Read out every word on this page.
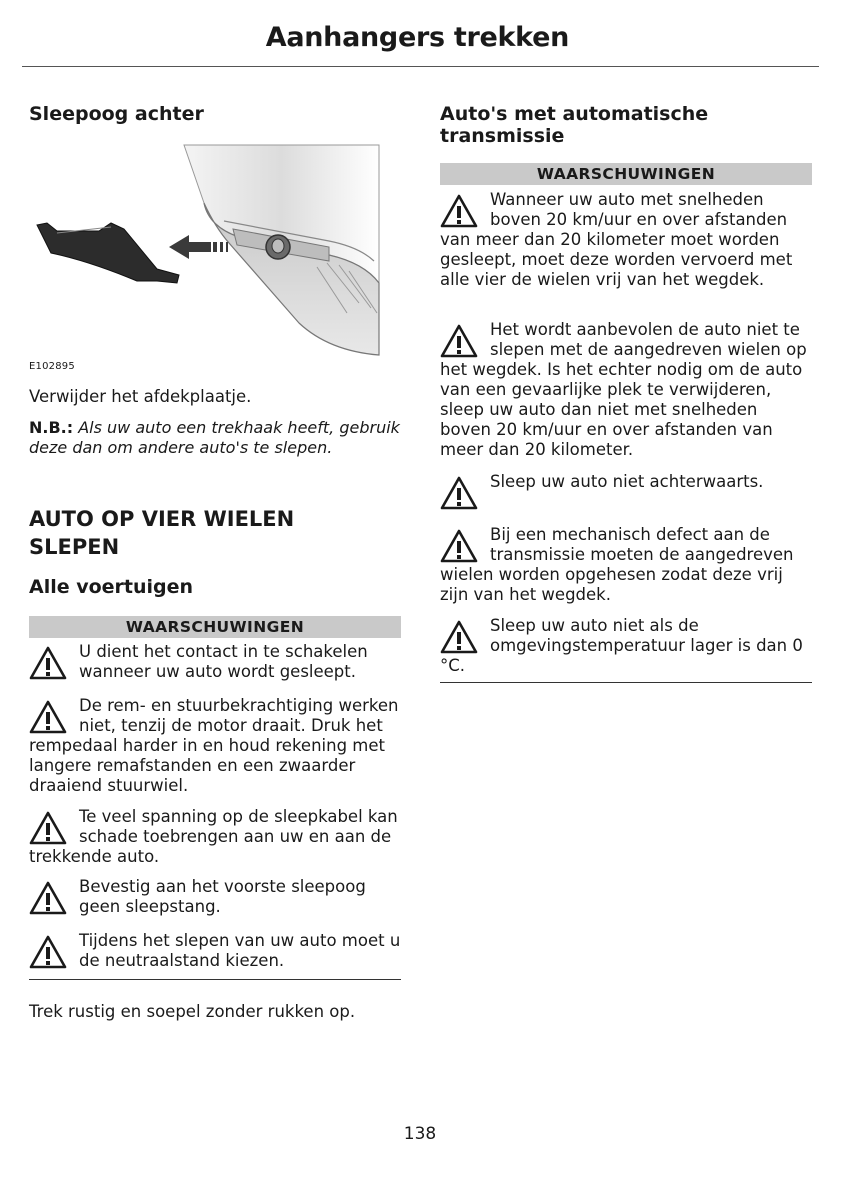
Aanhangers trekken
Sleepoog achter
E102895

Verwijder het afdekplaatje.

N.B.: Als uw auto een trekhaak heeft, gebruik deze dan om andere auto's te slepen.

AUTO OP VIER WIELEN
SLEPEN
Alle voertuigen
WAARSCHUWINGEN
U dient het contact in te schakelen wanneer uw auto wordt gesleept.
De rem- en stuurbekrachtiging werken niet, tenzij de motor draait. Druk het rempedaal harder in en houd rekening met langere remafstanden en een zwaarder draaiend stuurwiel.
Te veel spanning op de sleepkabel kan schade toebrengen aan uw en aan de trekkende auto.
Bevestig aan het voorste sleepoog geen sleepstang.
Tijdens het slepen van uw auto moet u de neutraalstand kiezen.

Trek rustig en soepel zonder rukken op.

Auto's met automatische
transmissie
WAARSCHUWINGEN
Wanneer uw auto met snelheden boven 20 km/uur en over afstanden van meer dan 20 kilometer moet worden gesleept, moet deze worden vervoerd met alle vier de wielen vrij van het wegdek.
Het wordt aanbevolen de auto niet te slepen met de aangedreven wielen op het wegdek. Is het echter nodig om de auto van een gevaarlijke plek te verwijderen, sleep uw auto dan niet met snelheden boven 20 km/uur en over afstanden van meer dan 20 kilometer.
Sleep uw auto niet achterwaarts.
Bij een mechanisch defect aan de transmissie moeten de aangedreven wielen worden opgehesen zodat deze vrij zijn van het wegdek.
Sleep uw auto niet als de omgevingstemperatuur lager is dan 0 °C.
138
